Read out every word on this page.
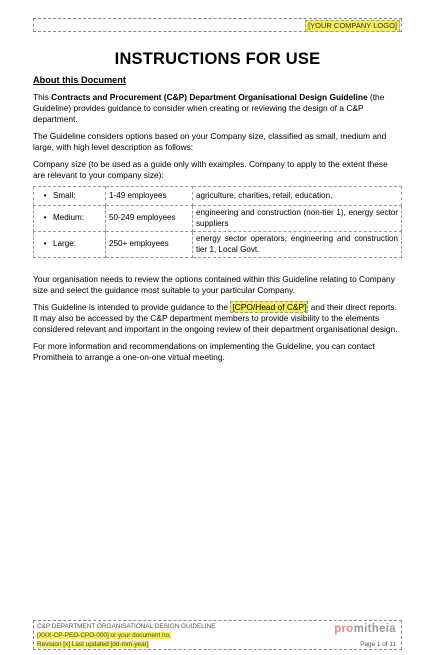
[YOUR COMPANY LOGO]
INSTRUCTIONS FOR USE

About this Document

This Contracts and Procurement (C&P) Department Organisational Design Guideline (the Guideline) provides guidance to consider when creating or reviewing the design of a C&P department.

The Guideline considers options based on your Company size, classified as small, medium and large, with high level description as follows:

Company size (to be used as a guide only with examples. Company to apply to the extent these are relevant to your company size):

• Small:	1-49 employees	agriculture, charities, retail, education,
• Medium:	50-249 employees	engineering and construction (non-tier 1), energy sector suppliers
• Large:	250+ employees	energy sector operators, engineering and construction tier 1, Local Govt.

Your organisation needs to review the options contained within this Guideline relating to Company size and select the guidance most suitable to your particular Company.

This Guideline is intended to provide guidance to the [CPO/Head of C&P] and their direct reports. It may also be accessed by the C&P department members to provide visibility to the elements considered relevant and important in the ongoing review of their department organisational design.

For more information and recommendations on implementing the Guideline, you can contact Promitheia to arrange a one-on-one virtual meeting.

C&P DEPARTMENT ORGANISATIONAL DESIGN GUIDELINE
[XXX-CP-PEO-CPO-000] or your document no.
Revision [x] Last updated [dd-mm-year]
promitheia
Page 1 of 11
